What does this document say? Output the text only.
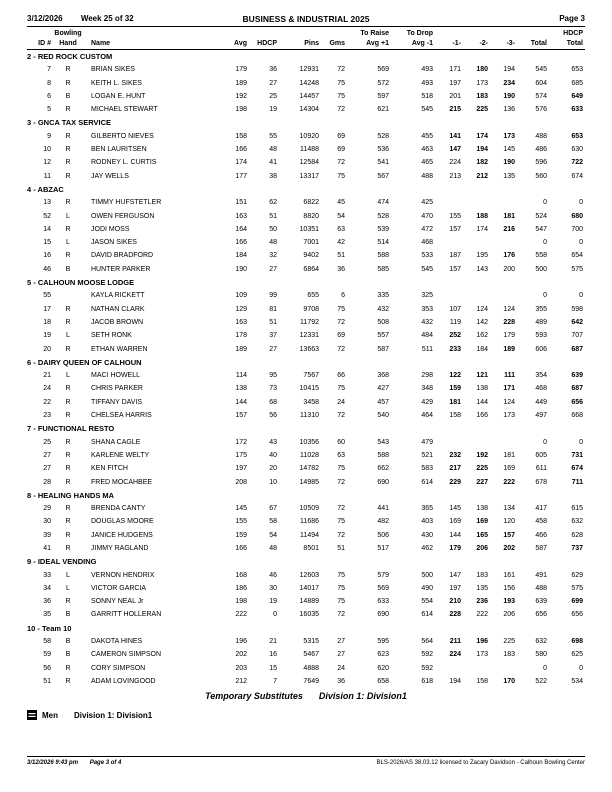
3/12/2026 Week 25 of 32	BUSINESS & INDUSTRIAL 2025	Page 3
	Bowling						To Raise	To Drop					HDCP
ID #	Hand	Name	Avg	HDCP	Pins	Gms	Avg +1	Avg -1	-1-	-2-	-3-	Total	Total
2 - RED ROCK CUSTOM													
7	R	BRIAN SIKES	179	36	12931	72	569	493	171	180	194	545	653
8	R	KEITH L. SIKES	189	27	14248	75	572	493	197	173	234	604	685
6	B	LOGAN E. HUNT	192	25	14457	75	597	518	201	183	190	574	649
5	R	MICHAEL STEWART	198	19	14304	72	621	545	215	225	136	576	633
3 - GNCA TAX SERVICE													
9	R	GILBERTO NIEVES	158	55	10920	69	528	455	141	174	173	488	653
10	R	BEN LAURITSEN	166	48	11488	69	536	463	147	194	145	486	630
12	R	RODNEY L. CURTIS	174	41	12584	72	541	465	224	182	190	596	722
11	R	JAY WELLS	177	38	13317	75	567	488	213	212	135	560	674
4 - ABZAC													
13	R	TIMMY HUFSTETLER	151	62	6822	45	474	425				0	0
52	L	OWEN FERGUSON	163	51	8820	54	528	470	155	188	181	524	680
14	R	JODI MOSS	164	50	10351	63	539	472	157	174	216	547	700
15	L	JASON SIKES	166	48	7001	42	514	468				0	0
16	R	DAVID BRADFORD	184	32	9402	51	588	533	187	195	176	558	654
46	B	HUNTER PARKER	190	27	6864	36	585	545	157	143	200	500	575
5 - CALHOUN MOOSE LODGE													
55		KAYLA RICKETT	109	99	655	6	335	325				0	0
17	R	NATHAN CLARK	129	81	9708	75	432	353	107	124	124	355	598
18	R	JACOB BROWN	163	51	11792	72	508	432	119	142	228	489	642
19	L	SETH RONK	178	37	12331	69	557	484	252	162	179	593	707
20	R	ETHAN WARREN	189	27	13663	72	587	511	233	184	189	606	687
6 - DAIRY QUEEN OF CALHOUN													
21	L	MACI HOWELL	114	95	7567	66	368	298	122	121	111	354	639
24	R	CHRIS PARKER	138	73	10415	75	427	348	159	138	171	468	687
22	R	TIFFANY DAVIS	144	68	3458	24	457	429	181	144	124	449	656
23	R	CHELSEA HARRIS	157	56	11310	72	540	464	158	166	173	497	668
7 - FUNCTIONAL RESTO													
25	R	SHANA CAGLE	172	43	10356	60	543	479				0	0
27	R	KARLENE WELTY	175	40	11028	63	588	521	232	192	181	605	731
27	R	KEN FITCH	197	20	14782	75	662	583	217	225	169	611	674
28	R	FRED MOCAHBEE	208	10	14985	72	690	614	229	227	222	678	711
8 - HEALING HANDS MA													
29	R	BRENDA CANTY	145	67	10509	72	441	365	145	138	134	417	615
30	R	DOUGLAS MOORE	155	58	11686	75	482	403	169	169	120	458	632
39	R	JANICE HUDGENS	159	54	11494	72	506	430	144	165	157	466	628
41	R	JIMMY RAGLAND	166	48	8501	51	517	462	179	206	202	587	737
9 - IDEAL VENDING													
33	L	VERNON HENDRIX	168	46	12603	75	579	500	147	183	161	491	629
34	L	VICTOR GARCIA	186	30	14017	75	569	490	197	135	156	488	575
36	R	SONNY NEAL Jr	198	19	14889	75	633	554	210	236	193	639	699
35	B	GARRITT HOLLERAN	222	0	16035	72	690	614	228	222	206	656	656
10 - Team 10													
58	B	DAKOTA HINES	196	21	5315	27	595	564	211	196	225	632	698
59	B	CAMERON SIMPSON	202	16	5467	27	623	592	224	173	183	580	625
56	R	CORY SIMPSON	203	15	4888	24	620	592				0	0
51	R	ADAM LOVINGOOD	212	7	7649	36	658	618	194	158	170	522	534
Temporary Substitutes Division 1: Division1
Men Division 1: Division1
3/12/2026 9:43 pm Page 3 of 4	BLS-2026/AS 38.03.12 licensed to Zacary Davidson - Calhoun Bowling Center
